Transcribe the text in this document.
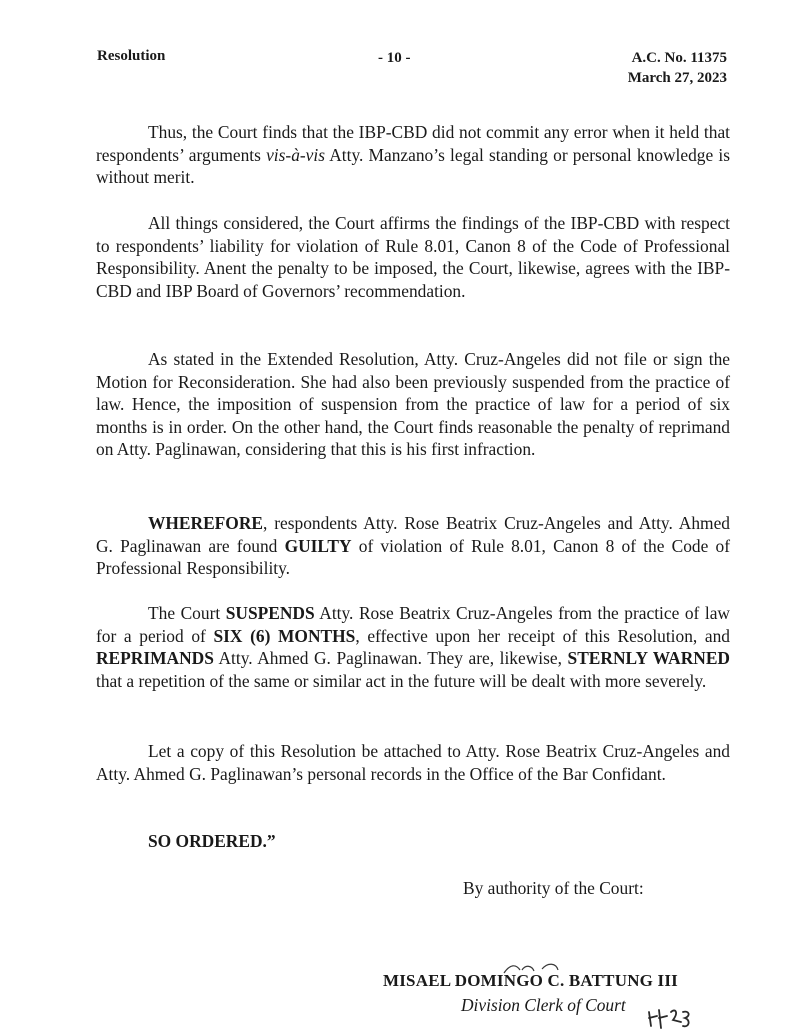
Resolution	- 10 -	A.C. No. 11375
March 27, 2023

Thus, the Court finds that the IBP-CBD did not commit any error when it held that respondents’ arguments vis-à-vis Atty. Manzano’s legal standing or personal knowledge is without merit.

All things considered, the Court affirms the findings of the IBP-CBD with respect to respondents’ liability for violation of Rule 8.01, Canon 8 of the Code of Professional Responsibility. Anent the penalty to be imposed, the Court, likewise, agrees with the IBP-CBD and IBP Board of Governors’ recommendation.

As stated in the Extended Resolution, Atty. Cruz-Angeles did not file or sign the Motion for Reconsideration. She had also been previously suspended from the practice of law. Hence, the imposition of suspension from the practice of law for a period of six months is in order. On the other hand, the Court finds reasonable the penalty of reprimand on Atty. Paglinawan, considering that this is his first infraction.

WHEREFORE, respondents Atty. Rose Beatrix Cruz-Angeles and Atty. Ahmed G. Paglinawan are found GUILTY of violation of Rule 8.01, Canon 8 of the Code of Professional Responsibility.

The Court SUSPENDS Atty. Rose Beatrix Cruz-Angeles from the practice of law for a period of SIX (6) MONTHS, effective upon her receipt of this Resolution, and REPRIMANDS Atty. Ahmed G. Paglinawan. They are, likewise, STERNLY WARNED that a repetition of the same or similar act in the future will be dealt with more severely.

Let a copy of this Resolution be attached to Atty. Rose Beatrix Cruz-Angeles and Atty. Ahmed G. Paglinawan’s personal records in the Office of the Bar Confidant.

SO ORDERED.”

By authority of the Court:
MISAEL DOMINGO C. BATTUNG III
Division Clerk of Court
